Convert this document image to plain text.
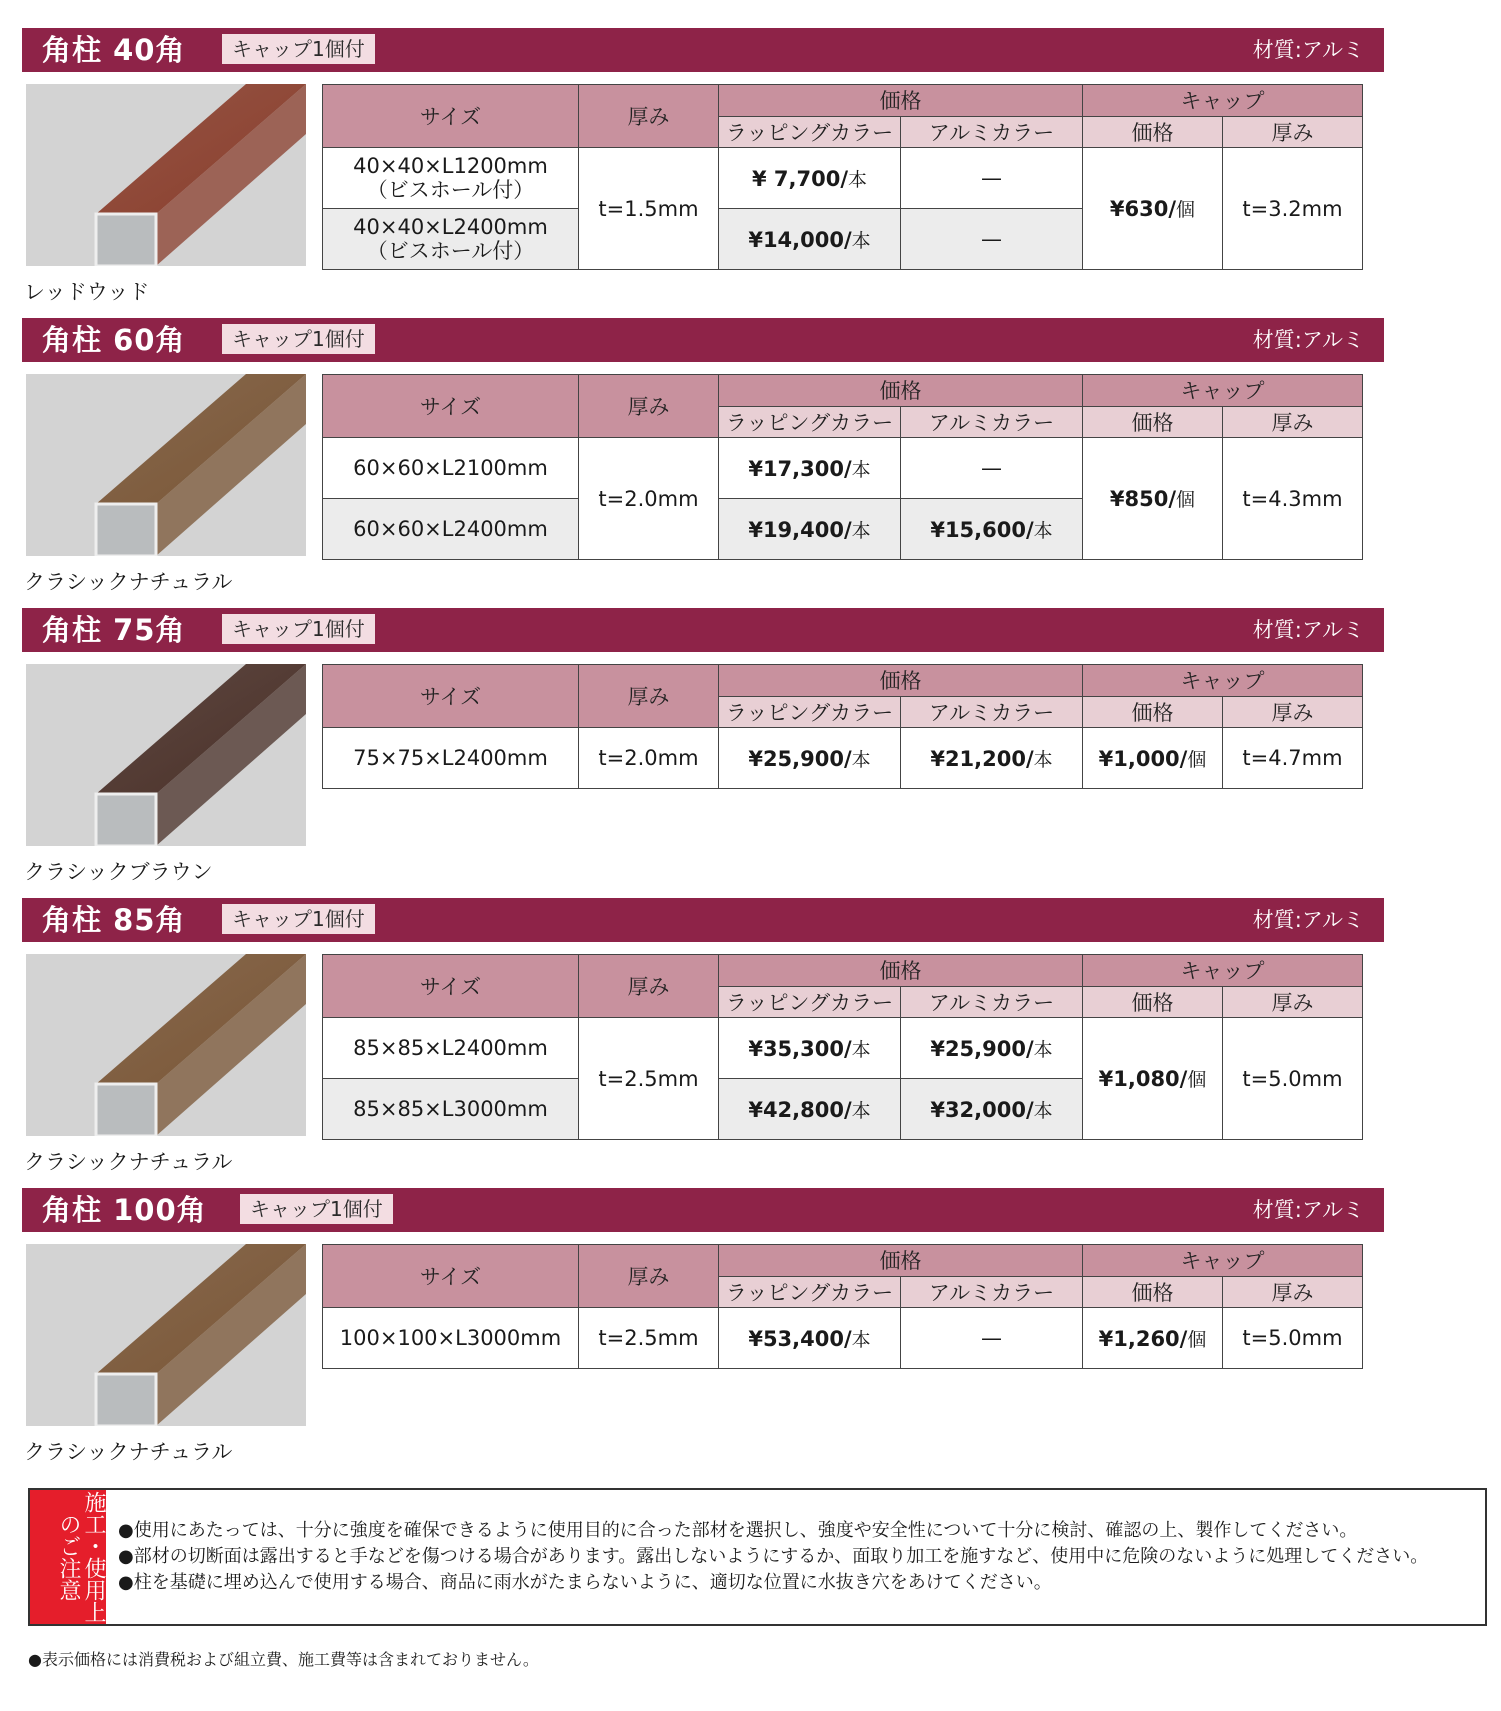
角柱 40角	キャップ1個付	材質:アルミ
レッドウッド
サイズ	厚み	価格		キャップ	
		ラッピングカラー	アルミカラー	価格	厚み

40×40×L1200mm
（ビスホール付）	t=1.5mm	¥ 7,700/本	—	¥630/個	t=3.2mm

40×40×L2400mm
（ビスホール付）		¥14,000/本	—		
角柱 60角	キャップ1個付	材質:アルミ
クラシックナチュラル
サイズ	厚み	価格		キャップ	
		ラッピングカラー	アルミカラー	価格	厚み

60×60×L2100mm	t=2.0mm	¥17,300/本	—	¥850/個	t=4.3mm

60×60×L2400mm		¥19,400/本	¥15,600/本		
角柱 75角	キャップ1個付	材質:アルミ
クラシックブラウン
サイズ	厚み	価格		キャップ	
		ラッピングカラー	アルミカラー	価格	厚み

75×75×L2400mm	t=2.0mm	¥25,900/本	¥21,200/本	¥1,000/個	t=4.7mm
角柱 85角	キャップ1個付	材質:アルミ
クラシックナチュラル
サイズ	厚み	価格		キャップ	
		ラッピングカラー	アルミカラー	価格	厚み

85×85×L2400mm	t=2.5mm	¥35,300/本	¥25,900/本	¥1,080/個	t=5.0mm

85×85×L3000mm		¥42,800/本	¥32,000/本		
角柱 100角	キャップ1個付	材質:アルミ
クラシックナチュラル
サイズ	厚み	価格		キャップ	
		ラッピングカラー	アルミカラー	価格	厚み

100×100×L3000mm	t=2.5mm	¥53,400/本	—	¥1,260/個	t=5.0mm
施工・使用上のご注意	●使用にあたっては、十分に強度を確保できるように使用目的に合った部材を選択し、強度や安全性について十分に検討、確認の上、製作してください。
●部材の切断面は露出すると手などを傷つける場合があります。露出しないようにするか、面取り加工を施すなど、使用中に危険のないように処理してください。
●柱を基礎に埋め込んで使用する場合、商品に雨水がたまらないように、適切な位置に水抜き穴をあけてください。
●表示価格には消費税および組立費、施工費等は含まれておりません。
